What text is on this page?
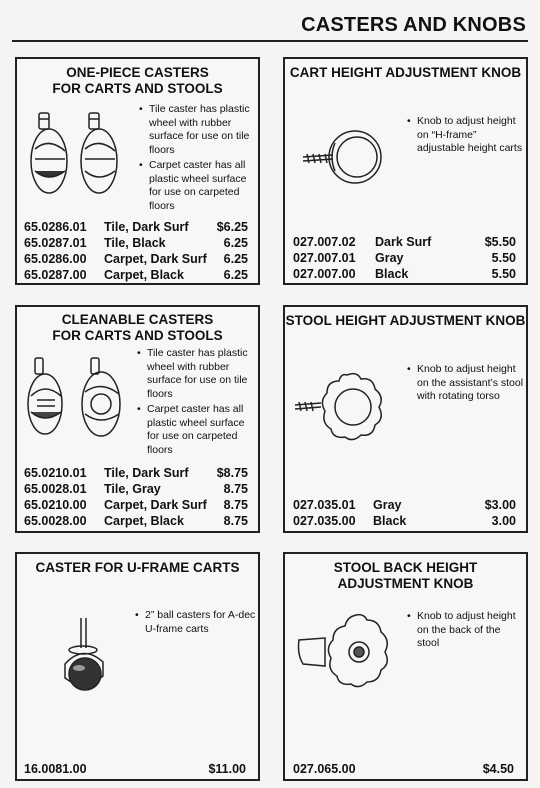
CASTERS AND KNOBS
ONE-PIECE CASTERS
FOR CARTS AND STOOLS
• Tile caster has plastic wheel with rubber surface for use on tile floors
• Carpet caster has all plastic wheel surface for use on carpeted floors
65.0286.01 Tile, Dark Surf $6.25
65.0287.01 Tile, Black	6.25
65.0286.00 Carpet, Dark Surf 6.25
65.0287.00 Carpet, Black	6.25
CART HEIGHT ADJUSTMENT KNOB
• Knob to adjust height on “H-frame” adjustable height carts
027.007.02 Dark Surf	$5.50
027.007.01 Gray	5.50
027.007.00 Black	5.50
CLEANABLE CASTERS
FOR CARTS AND STOOLS
• Tile caster has plastic wheel with rubber surface for use on tile floors
• Carpet caster has all plastic wheel surface for use on carpeted floors
65.0210.01 Tile, Dark Surf $8.75
65.0028.01 Tile, Gray	8.75
65.0210.00 Carpet, Dark Surf 8.75
65.0028.00 Carpet, Black	8.75
STOOL HEIGHT ADJUSTMENT KNOB
• Knob to adjust height on the assistant’s stool with rotating torso
027.035.01 Gray	$3.00
027.035.00 Black	3.00
CASTER FOR U-FRAME CARTS
• 2” ball casters for A-dec U-frame carts
16.0081.00	$11.00
STOOL BACK HEIGHT
ADJUSTMENT KNOB
• Knob to adjust height on the back of the stool
027.065.00	$4.50
